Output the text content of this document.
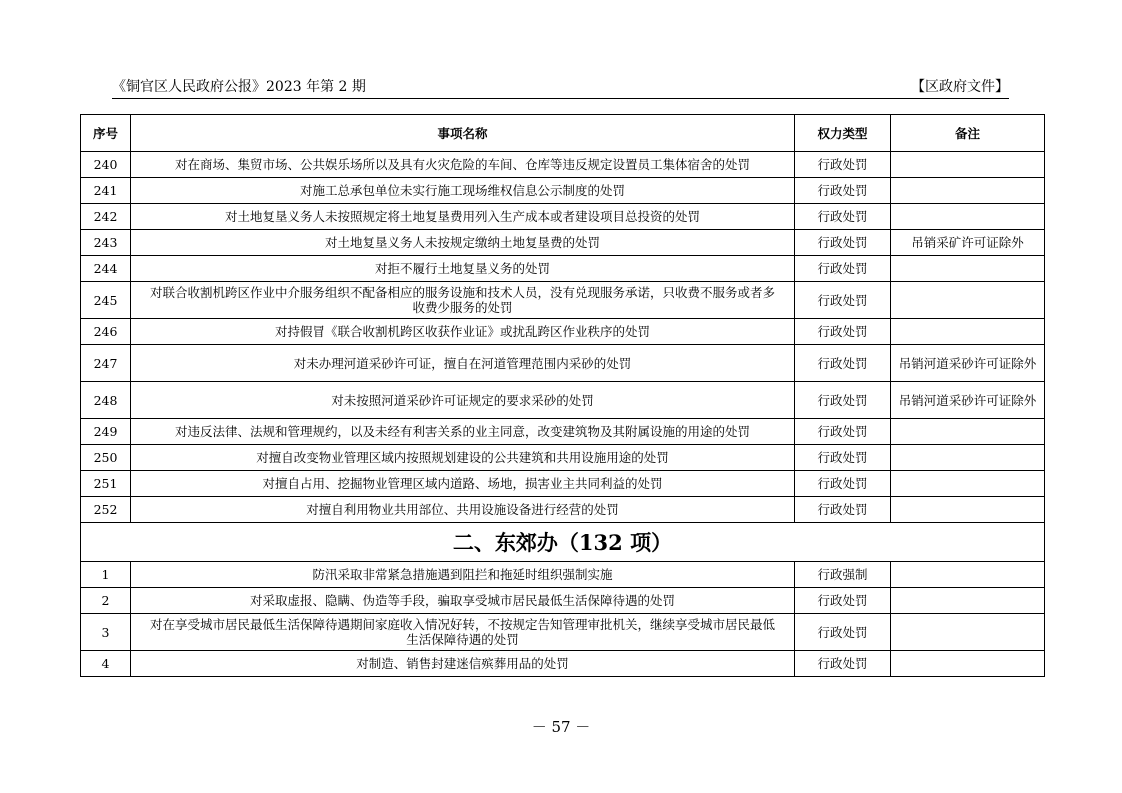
《铜官区人民政府公报》2023 年第 2 期	【区政府文件】
序号	事项名称	权力类型	备注
240	对在商场、集贸市场、公共娱乐场所以及具有火灾危险的车间、仓库等违反规定设置员工集体宿舍的处罚	行政处罚	
241	对施工总承包单位未实行施工现场维权信息公示制度的处罚	行政处罚	
242	对土地复垦义务人未按照规定将土地复垦费用列入生产成本或者建设项目总投资的处罚	行政处罚	
243	对土地复垦义务人未按规定缴纳土地复垦费的处罚	行政处罚	吊销采矿许可证除外
244	对拒不履行土地复垦义务的处罚	行政处罚	
245	对联合收割机跨区作业中介服务组织不配备相应的服务设施和技术人员，没有兑现服务承诺，只收费不服务或者多收费少服务的处罚	行政处罚	
246	对持假冒《联合收割机跨区收获作业证》或扰乱跨区作业秩序的处罚	行政处罚	
247	对未办理河道采砂许可证，擅自在河道管理范围内采砂的处罚	行政处罚	吊销河道采砂许可证除外
248	对未按照河道采砂许可证规定的要求采砂的处罚	行政处罚	吊销河道采砂许可证除外
249	对违反法律、法规和管理规约，以及未经有利害关系的业主同意，改变建筑物及其附属设施的用途的处罚	行政处罚	
250	对擅自改变物业管理区域内按照规划建设的公共建筑和共用设施用途的处罚	行政处罚	
251	对擅自占用、挖掘物业管理区域内道路、场地，损害业主共同利益的处罚	行政处罚	
252	对擅自利用物业共用部位、共用设施设备进行经营的处罚	行政处罚	
二、东郊办（132 项）			
1	防汛采取非常紧急措施遇到阻拦和拖延时组织强制实施	行政强制	
2	对采取虚报、隐瞒、伪造等手段，骗取享受城市居民最低生活保障待遇的处罚	行政处罚	
3	对在享受城市居民最低生活保障待遇期间家庭收入情况好转，不按规定告知管理审批机关，继续享受城市居民最低生活保障待遇的处罚	行政处罚	
4	对制造、销售封建迷信殡葬用品的处罚	行政处罚	
－ 57 －
